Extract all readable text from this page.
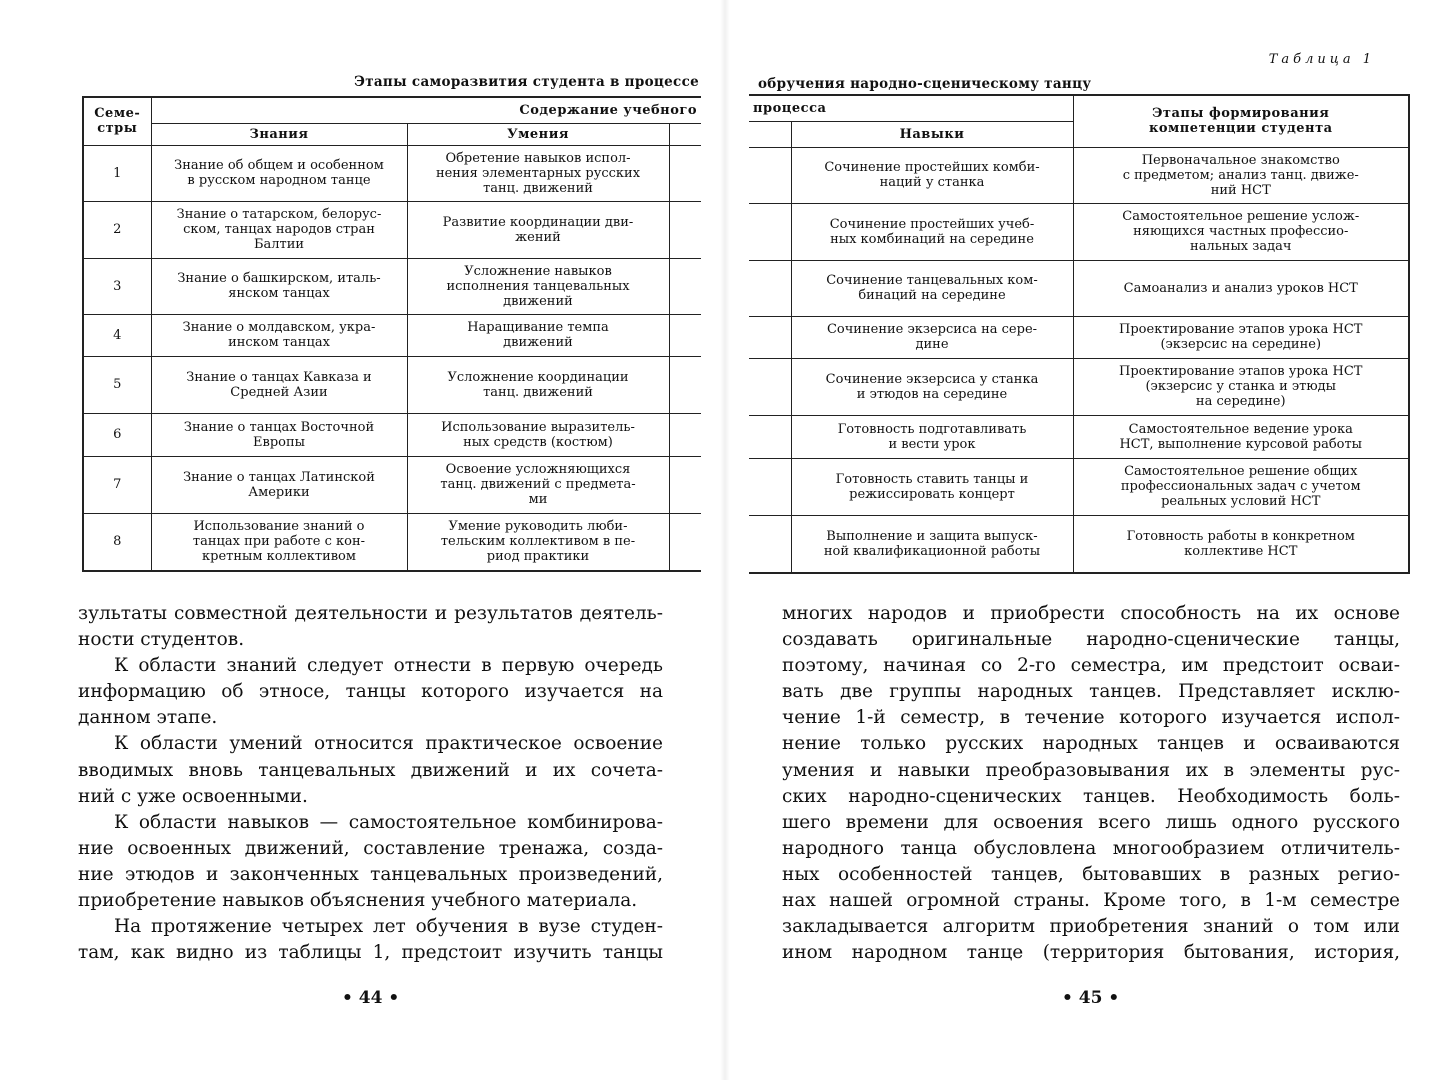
Этапы саморазвития студента в процессе
Семе-
стры	Содержание учебного		
	Знания	Умения	
1	Знание об общем и особенном
в русском народном танце	Обретение навыков испол-
нения элементарных русских
танц. движений	
2	Знание о татарском, белорус-
ском, танцах народов стран
Балтии	Развитие координации дви-
жений	
3	Знание о башкирском, италь-
янском танцах	Усложнение навыков
исполнения танцевальных
движений	
4	Знание о молдавском, укра-
инском танцах	Наращивание темпа
движений	
5	Знание о танцах Кавказа и
Средней Азии	Усложнение координации
танц. движений	
6	Знание о танцах Восточной
Европы	Использование выразитель-
ных средств (костюм)	
7	Знание о танцах Латинской
Америки	Освоение усложняющихся
танц. движений с предмета-
ми	
8	Использование знаний о
танцах при работе с кон-
кретным коллективом	Умение руководить люби-
тельским коллективом в пе-
риод практики	

зультаты совместной деятельности и результатов деятель-

ности студентов.

К области знаний следует отнести в первую очередь

информацию об этносе, танцы которого изучается на

данном этапе.

К области умений относится практическое освоение

вводимых вновь танцевальных движений и их сочета-

ний с уже освоенными.

К области навыков — самостоятельное комбинирова-

ние освоенных движений, составление тренажа, созда-

ние этюдов и законченных танцевальных произведений,

приобретение навыков объяснения учебного материала.

На протяжение четырех лет обучения в вузе студен-

там, как видно из таблицы 1, предстоит изучить танцы

• 44 •
Таблица 1
обручения народно-сценическому танцу
процесса		Этапы формирования
компетенции студента
	Навыки	
	Сочинение простейших комби-
наций у станка	Первоначальное знакомство
с предметом; анализ танц. движе-
ний НСТ
	Сочинение простейших учеб-
ных комбинаций на середине	Самостоятельное решение услож-
няющихся частных профессио-
нальных задач
	Сочинение танцевальных ком-
бинаций на середине	Самоанализ и анализ уроков НСТ
	Сочинение экзерсиса на сере-
дине	Проектирование этапов урока НСТ
(экзерсис на середине)
	Сочинение экзерсиса у станка
и этюдов на середине	Проектирование этапов урока НСТ
(экзерсис у станка и этюды
на середине)
	Готовность подготавливать
и вести урок	Самостоятельное ведение урока
НСТ, выполнение курсовой работы
	Готовность ставить танцы и
режиссировать концерт	Самостоятельное решение общих
профессиональных задач с учетом
реальных условий НСТ
	Выполнение и защита выпуск-
ной квалификационной работы	Готовность работы в конкретном
коллективе НСТ

многих народов и приобрести способность на их основе

создавать оригинальные народно-сценические танцы,

поэтому, начиная со 2-го семестра, им предстоит осваи-

вать две группы народных танцев. Представляет исклю-

чение 1-й семестр, в течение которого изучается испол-

нение только русских народных танцев и осваиваются

умения и навыки преобразовывания их в элементы рус-

ских народно-сценических танцев. Необходимость боль-

шего времени для освоения всего лишь одного русского

народного танца обусловлена многообразием отличитель-

ных особенностей танцев, бытовавших в разных регио-

нах нашей огромной страны. Кроме того, в 1-м семестре

закладывается алгоритм приобретения знаний о том или

ином народном танце (территория бытования, история,

• 45 •
